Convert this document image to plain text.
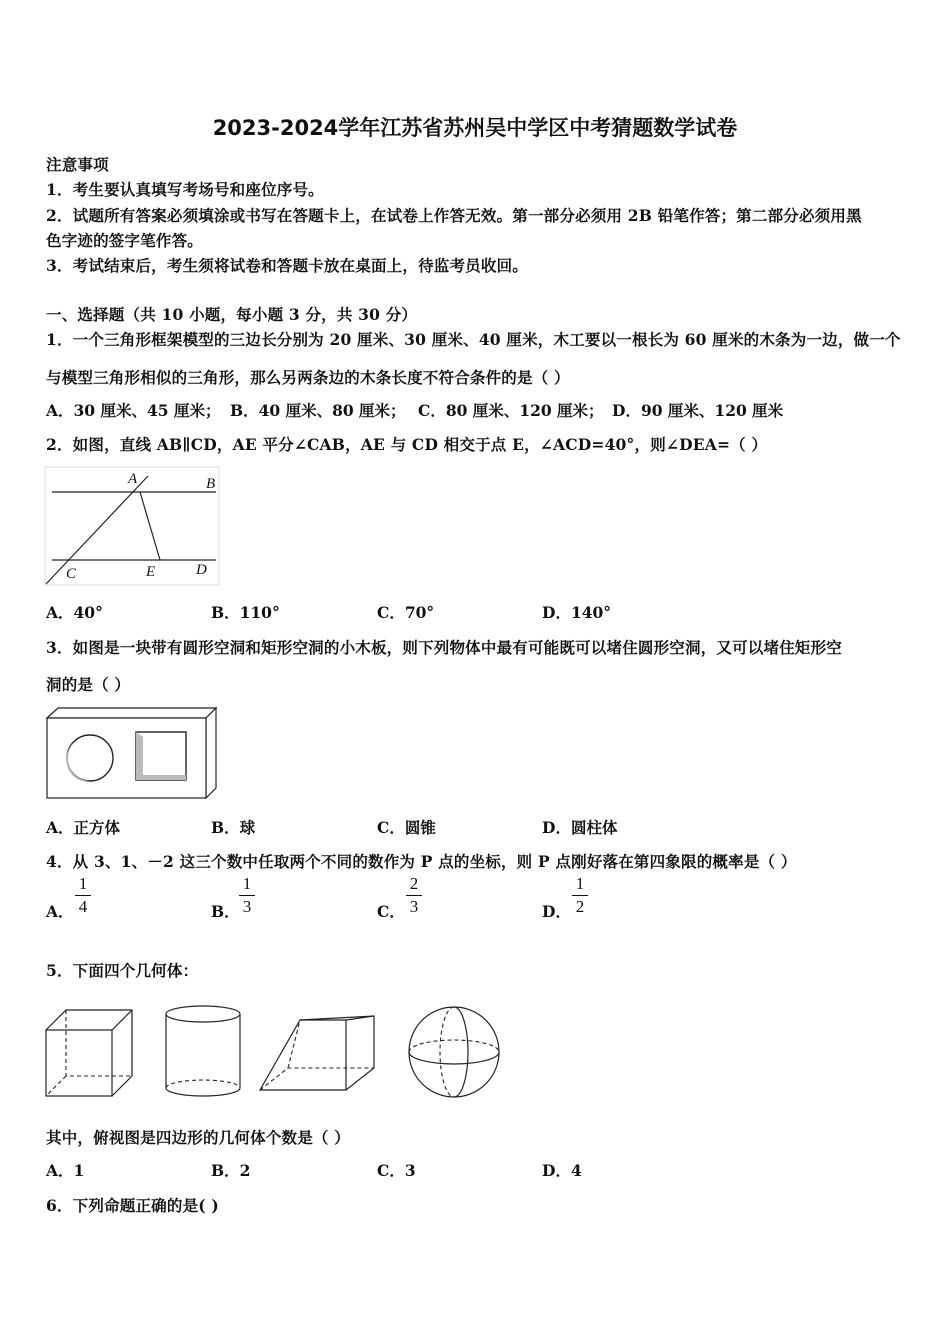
2023-2024学年江苏省苏州吴中学区中考猜题数学试卷
注意事项
1．考生要认真填写考场号和座位序号。
2．试题所有答案必须填涂或书写在答题卡上，在试卷上作答无效。第一部分必须用 2B 铅笔作答；第二部分必须用黑
色字迹的签字笔作答。
3．考试结束后，考生须将试卷和答题卡放在桌面上，待监考员收回。
一、选择题（共 10 小题，每小题 3 分，共 30 分）
1．一个三角形框架模型的三边长分别为 20 厘米、30 厘米、40 厘米，木工要以一根长为 60 厘米的木条为一边，做一个
与模型三角形相似的三角形，那么另两条边的木条长度不符合条件的是（ ）
A．30 厘米、45 厘米； B．40 厘米、80 厘米； C．80 厘米、120 厘米； D．90 厘米、120 厘米
2．如图，直线 AB∥CD，AE 平分∠CAB，AE 与 CD 相交于点 E，∠ACD=40°，则∠DEA=（ ）
A	B
C	E	D
A．40°	B．110°	C．70°	D．140°
3．如图是一块带有圆形空洞和矩形空洞的小木板，则下列物体中最有可能既可以堵住圆形空洞，又可以堵住矩形空
洞的是（ ）
A．正方体	B．球	C．圆锥	D．圆柱体
4．从 3、1、－2 这三个数中任取两个不同的数作为 P 点的坐标，则 P 点刚好落在第四象限的概率是（ ）
A．
1
4	B．
1
3	C．
2
3	D．
1
2
5．下面四个几何体：
其中，俯视图是四边形的几何体个数是（ ）
A．1	B．2	C．3	D．4
6．下列命题正确的是( )
